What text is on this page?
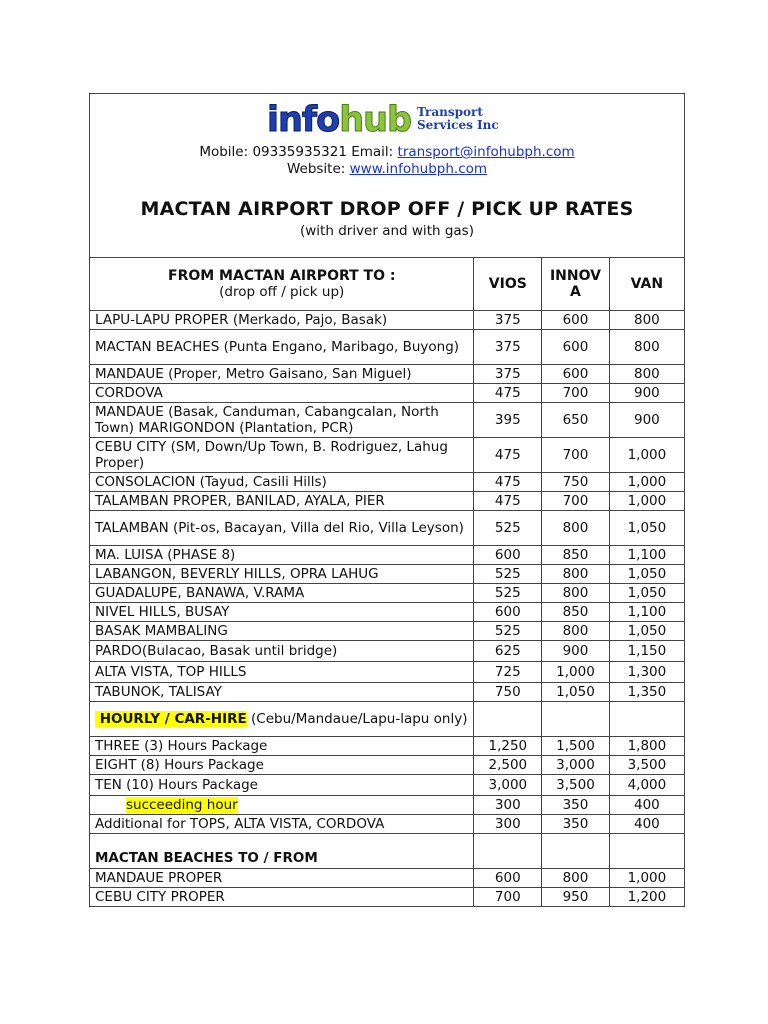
infohub Transport
Services Inc
Mobile: 09335935321 Email: transport@infohubph.com
Website: www.infohubph.com
MACTAN AIRPORT DROP OFF / PICK UP RATES
(with driver and with gas)
FROM MACTAN AIRPORT TO :
(drop off / pick up)	VIOS	INNOVA	VAN
LAPU-LAPU PROPER (Merkado, Pajo, Basak)	375	600	800
MACTAN BEACHES (Punta Engano, Maribago, Buyong)	375	600	800
MANDAUE (Proper, Metro Gaisano, San Miguel)	375	600	800
CORDOVA	475	700	900
MANDAUE (Basak, Canduman, Cabangcalan, North Town) MARIGONDON (Plantation, PCR)	395	650	900
CEBU CITY (SM, Down/Up Town, B. Rodriguez, Lahug Proper)	475	700	1,000
CONSOLACION (Tayud, Casili Hills)	475	750	1,000
TALAMBAN PROPER, BANILAD, AYALA, PIER	475	700	1,000
TALAMBAN (Pit-os, Bacayan, Villa del Rio, Villa Leyson)	525	800	1,050
MA. LUISA (PHASE 8)	600	850	1,100
LABANGON, BEVERLY HILLS, OPRA LAHUG	525	800	1,050
GUADALUPE, BANAWA, V.RAMA	525	800	1,050
NIVEL HILLS, BUSAY	600	850	1,100
BASAK MAMBALING	525	800	1,050
PARDO(Bulacao, Basak until bridge)	625	900	1,150
ALTA VISTA, TOP HILLS	725	1,000	1,300
TABUNOK, TALISAY	750	1,050	1,350
HOURLY / CAR-HIRE (Cebu/Mandaue/Lapu-lapu only)			
THREE (3) Hours Package	1,250	1,500	1,800
EIGHT (8) Hours Package	2,500	3,000	3,500
TEN (10) Hours Package	3,000	3,500	4,000
succeeding hour	300	350	400
Additional for TOPS, ALTA VISTA, CORDOVA	300	350	400
MACTAN BEACHES TO / FROM			
MANDAUE PROPER	600	800	1,000
CEBU CITY PROPER	700	950	1,200
